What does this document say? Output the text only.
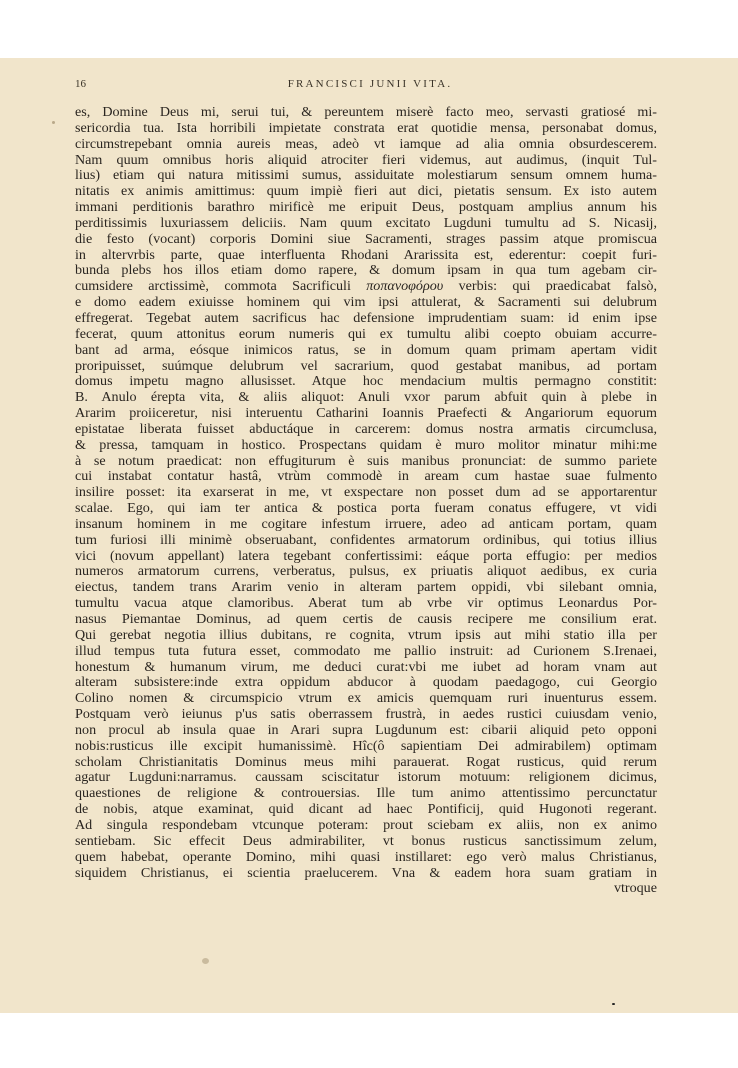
16	FRANCISCI JUNII VITA.
es, Domine Deus mi, serui tui, & pereuntem miserè facto meo, servasti gratiosé mi-
sericordia tua. Ista horribili impietate constrata erat quotidie mensa, personabat domus,
circumstrepebant omnia aureis meas, adeò vt iamque ad alia omnia obsurdescerem.
Nam quum omnibus horis aliquid atrociter fieri videmus, aut audimus, (inquit Tul-
lius) etiam qui natura mitissimi sumus, assiduitate molestiarum sensum omnem huma-
nitatis ex animis amittimus: quum impiè fieri aut dici, pietatis sensum. Ex isto autem
immani perditionis barathro mirificè me eripuit Deus, postquam amplius annum his
perditissimis luxuriassem deliciis. Nam quum excitato Lugduni tumultu ad S. Nicasij,
die festo (vocant) corporis Domini siue Sacramenti, strages passim atque promiscua
in altervrbis parte, quae interfluenta Rhodani Ararissita est, ederentur: coepit furi-
bunda plebs hos illos etiam domo rapere, & domum ipsam in qua tum agebam cir-
cumsidere arctissimè, commota Sacrificuli ποπανοφόρου verbis: qui praedicabat falsò,
e domo eadem exiuisse hominem qui vim ipsi attulerat, & Sacramenti sui delubrum
effregerat. Tegebat autem sacrificus hac defensione imprudentiam suam: id enim ipse
fecerat, quum attonitus eorum numeris qui ex tumultu alibi coepto obuiam accurre-
bant ad arma, eósque inimicos ratus, se in domum quam primam apertam vidit
proripuisset, suúmque delubrum vel sacrarium, quod gestabat manibus, ad portam
domus impetu magno allusisset. Atque hoc mendacium multis permagno constitit:
B. Anulo érepta vita, & aliis aliquot: Anuli vxor parum abfuit quin à plebe in
Ararim proiiceretur, nisi interuentu Catharini Ioannis Praefecti & Angariorum equorum
epistatae liberata fuisset abductáque in carcerem: domus nostra armatis circumclusa,
& pressa, tamquam in hostico. Prospectans quidam è muro molitor minatur mihi:me
à se notum praedicat: non effugiturum è suis manibus pronunciat: de summo pariete
cui instabat contatur hastâ, vtrùm commodè in aream cum hastae suae fulmento
insilire posset: ita exarserat in me, vt exspectare non posset dum ad se apportarentur
scalae. Ego, qui iam ter antica & postica porta fueram conatus effugere, vt vidi
insanum hominem in me cogitare infestum irruere, adeo ad anticam portam, quam
tum furiosi illi minimè obseruabant, confidentes armatorum ordinibus, qui totius illius
vici (novum appellant) latera tegebant confertissimi: eáque porta effugio: per medios
numeros armatorum currens, verberatus, pulsus, ex priuatis aliquot aedibus, ex curia
eiectus, tandem trans Ararim venio in alteram partem oppidi, vbi silebant omnia,
tumultu vacua atque clamoribus. Aberat tum ab vrbe vir optimus Leonardus Por-
nasus Piemantae Dominus, ad quem certis de causis recipere me consilium erat.
Qui gerebat negotia illius dubitans, re cognita, vtrum ipsis aut mihi statio illa per
illud tempus tuta futura esset, commodato me pallio instruit: ad Curionem S.Irenaei,
honestum & humanum virum, me deduci curat:vbi me iubet ad horam vnam aut
alteram subsistere:inde extra oppidum abducor à quodam paedagogo, cui Georgio
Colino nomen & circumspicio vtrum ex amicis quemquam ruri inuenturus essem.
Postquam verò ieiunus p'us satis oberrassem frustrà, in aedes rustici cuiusdam venio,
non procul ab insula quae in Arari supra Lugdunum est: cibarii aliquid peto opponi
nobis:rusticus ille excipit humanissimè. Hîc(ô sapientiam Dei admirabilem) optimam
scholam Christianitatis Dominus meus mihi parauerat. Rogat rusticus, quid rerum
agatur Lugduni:narramus. caussam sciscitatur istorum motuum: religionem dicimus,
quaestiones de religione & controuersias. Ille tum animo attentissimo percunctatur
de nobis, atque examinat, quid dicant ad haec Pontificij, quid Hugonoti regerant.
Ad singula respondebam vtcunque poteram: prout sciebam ex aliis, non ex animo
sentiebam. Sic effecit Deus admirabiliter, vt bonus rusticus sanctissimum zelum,
quem habebat, operante Domino, mihi quasi instillaret: ego verò malus Christianus,
siquidem Christianus, ei scientia praelucerem. Vna & eadem hora suam gratiam in
vtroque
